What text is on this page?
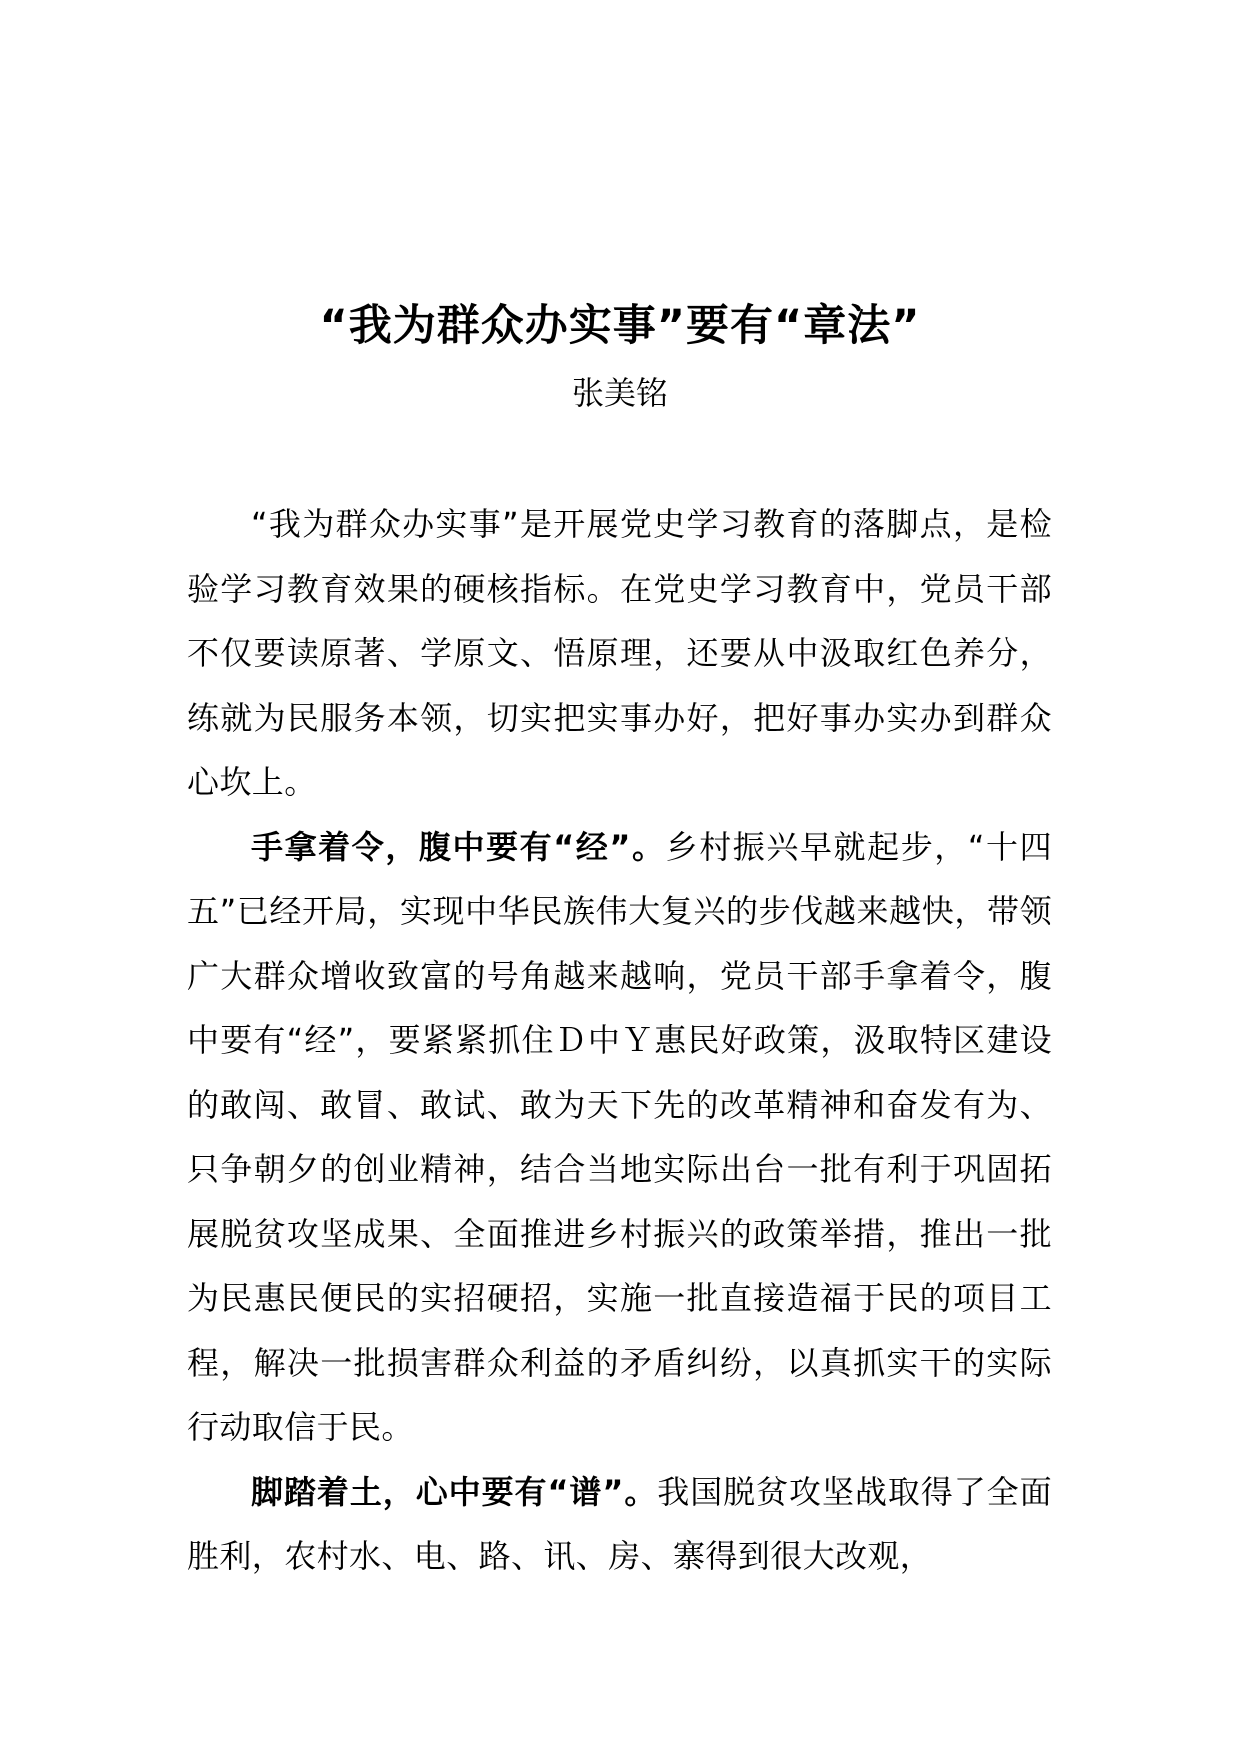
“我为群众办实事”要有“章法”
张美铭

“我为群众办实事”是开展党史学习教育的落脚点，是检验学习教育效果的硬核指标。在党史学习教育中，党员干部不仅要读原著、学原文、悟原理，还要从中汲取红色养分，练就为民服务本领，切实把实事办好，把好事办实办到群众心坎上。

手拿着令，腹中要有“经”。乡村振兴早就起步，“十四五”已经开局，实现中华民族伟大复兴的步伐越来越快，带领广大群众增收致富的号角越来越响，党员干部手拿着令，腹中要有“经”，要紧紧抓住Ｄ中Ｙ惠民好政策，汲取特区建设的敢闯、敢冒、敢试、敢为天下先的改革精神和奋发有为、只争朝夕的创业精神，结合当地实际出台一批有利于巩固拓展脱贫攻坚成果、全面推进乡村振兴的政策举措，推出一批为民惠民便民的实招硬招，实施一批直接造福于民的项目工程，解决一批损害群众利益的矛盾纠纷，以真抓实干的实际行动取信于民。

脚踏着土，心中要有“谱”。我国脱贫攻坚战取得了全面胜利，农村水、电、路、讯、房、寨得到很大改观，
